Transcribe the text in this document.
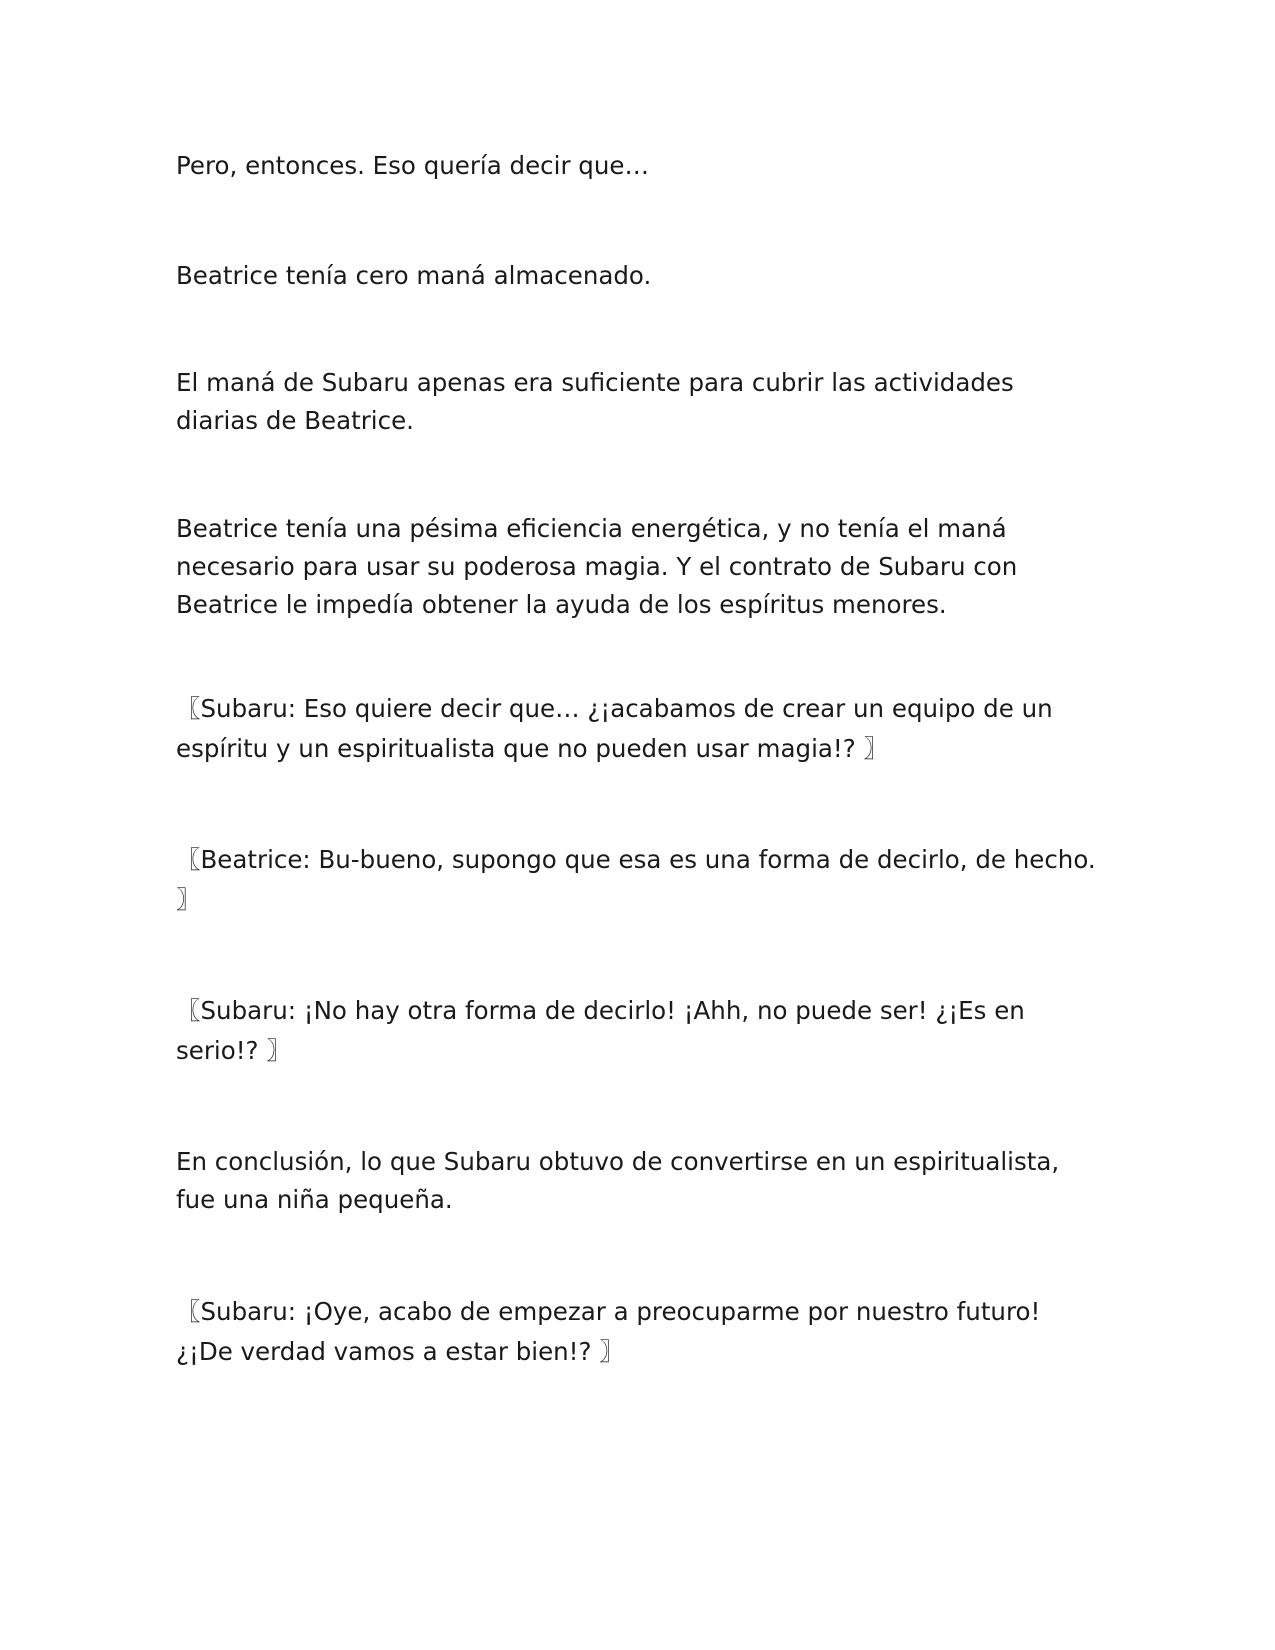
Pero, entonces. Eso quería decir que…

Beatrice tenía cero maná almacenado.

El maná de Subaru apenas era suficiente para cubrir las actividades diarias de Beatrice.

Beatrice tenía una pésima eficiencia energética, y no tenía el maná necesario para usar su poderosa magia. Y el contrato de Subaru con Beatrice le impedía obtener la ayuda de los espíritus menores.

〖Subaru: Eso quiere decir que… ¿¡acabamos de crear un equipo de un espíritu y un espiritualista que no pueden usar magia!? 〗

〖Beatrice: Bu-bueno, supongo que esa es una forma de decirlo, de hecho. 〗

〖Subaru: ¡No hay otra forma de decirlo! ¡Ahh, no puede ser! ¿¡Es en serio!? 〗

En conclusión, lo que Subaru obtuvo de convertirse en un espiritualista, fue una niña pequeña.

〖Subaru: ¡Oye, acabo de empezar a preocuparme por nuestro futuro! ¿¡De verdad vamos a estar bien!? 〗
